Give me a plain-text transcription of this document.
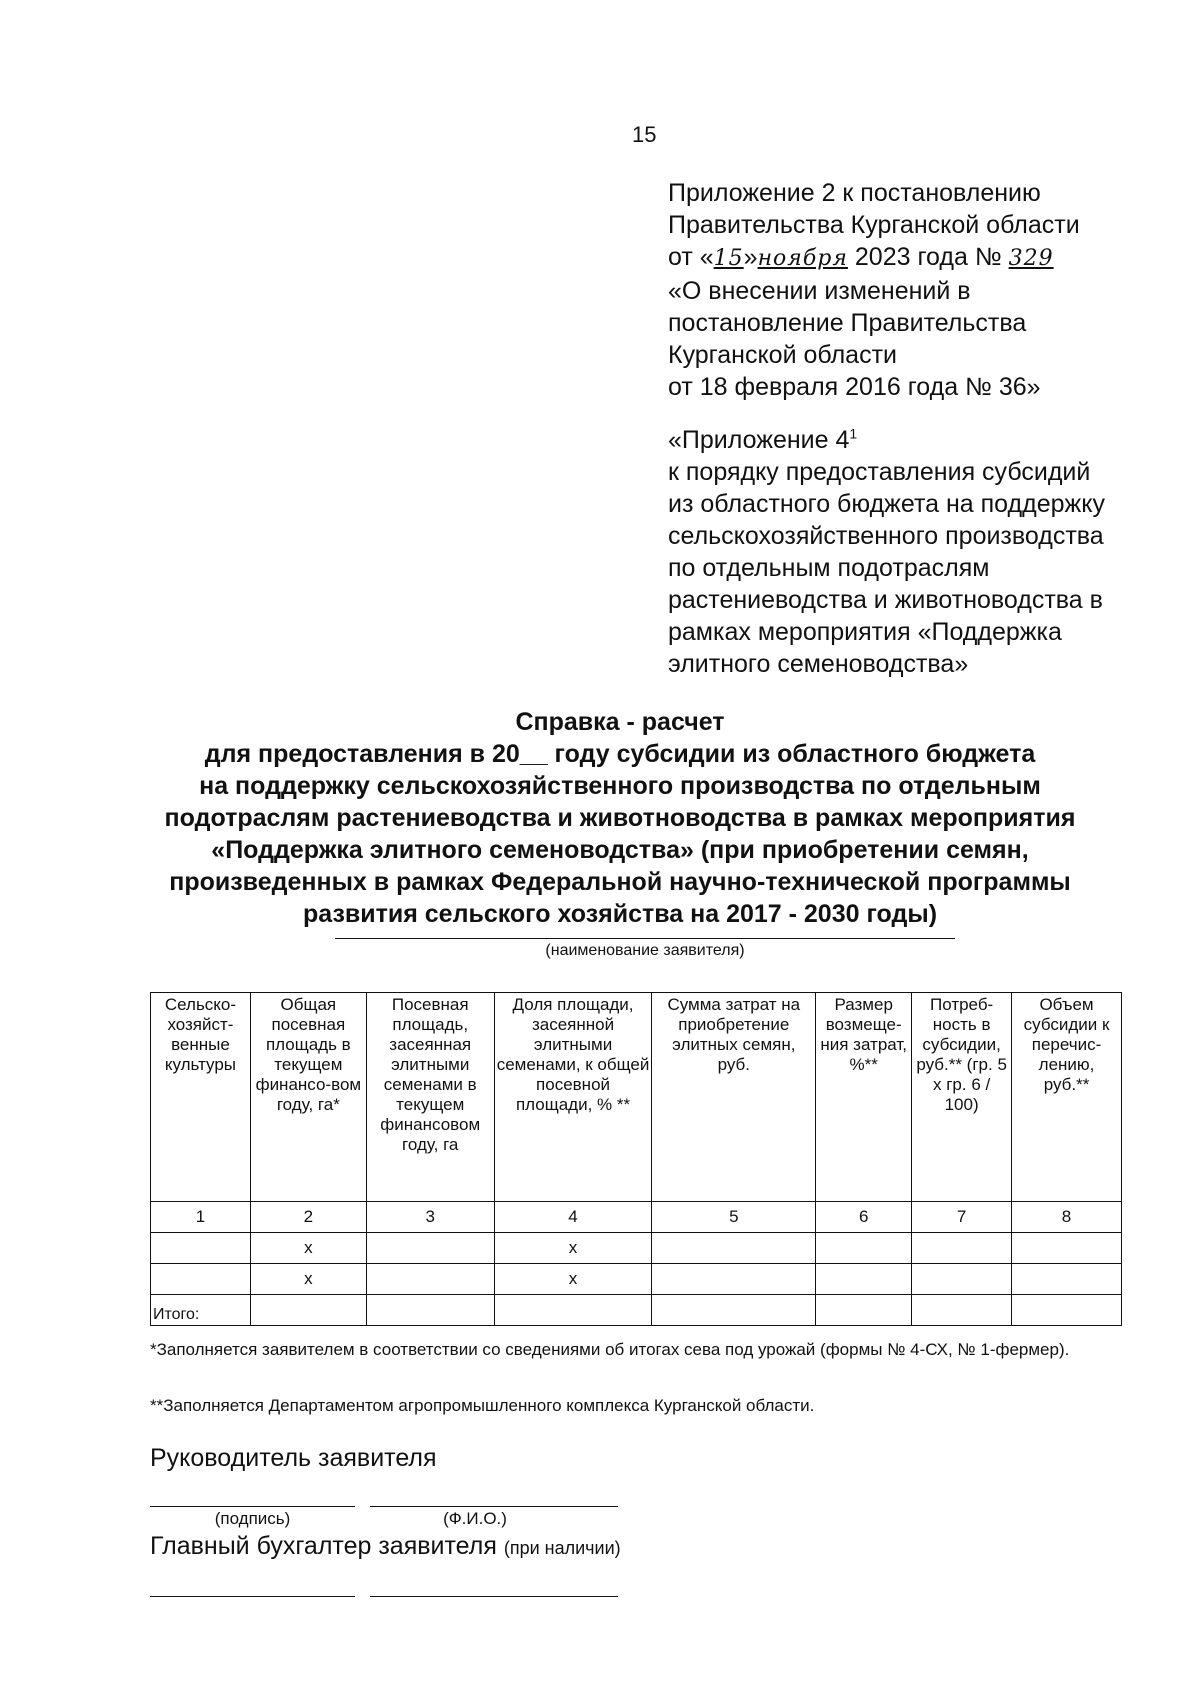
15
Приложение 2 к постановлению
Правительства Курганской области
от «15»ноября 2023 года № 329
«О внесении изменений в
постановление Правительства
Курганской области
от 18 февраля 2016 года № 36»
«Приложение $4^1$
к порядку предоставления субсидий
из областного бюджета на поддержку
сельскохозяйственного производства
по отдельным подотраслям
растениеводства и животноводства в
рамках мероприятия «Поддержка
элитного семеноводства»
Справка - расчет
для предоставления в 20__ году субсидии из областного бюджета
на поддержку сельскохозяйственного производства по отдельным
подотраслям растениеводства и животноводства в рамках мероприятия
«Поддержка элитного семеноводства» (при приобретении семян,
произведенных в рамках Федеральной научно-технической программы
развития сельского хозяйства на 2017 - 2030 годы)
(наименование заявителя)
Сельско-хозяйст-венные культуры	Общая посевная площадь в текущем финансо-вом году, га*	Посевная площадь, засеянная элитными семенами в текущем финансовом году, га	Доля площади, засеянной элитными семенами, к общей посевной площади, % **	Сумма затрат на приобретение элитных семян, руб.	Размер возмеще-ния затрат, %**	Потреб-ность в субсидии, руб.** (гр. 5 х гр. 6 / 100)	Объем субсидии к перечис-лению, руб.**
1	2	3	4	5	6	7	8
	х		х				
	х		х				
Итого:							
*Заполняется заявителем в соответствии со сведениями об итогах сева под урожай (формы № 4-СХ, № 1-фермер).
**Заполняется Департаментом агропромышленного комплекса Курганской области.
Руководитель заявителя
(подпись)	(Ф.И.О.)
Главный бухгалтер заявителя (при наличии)
